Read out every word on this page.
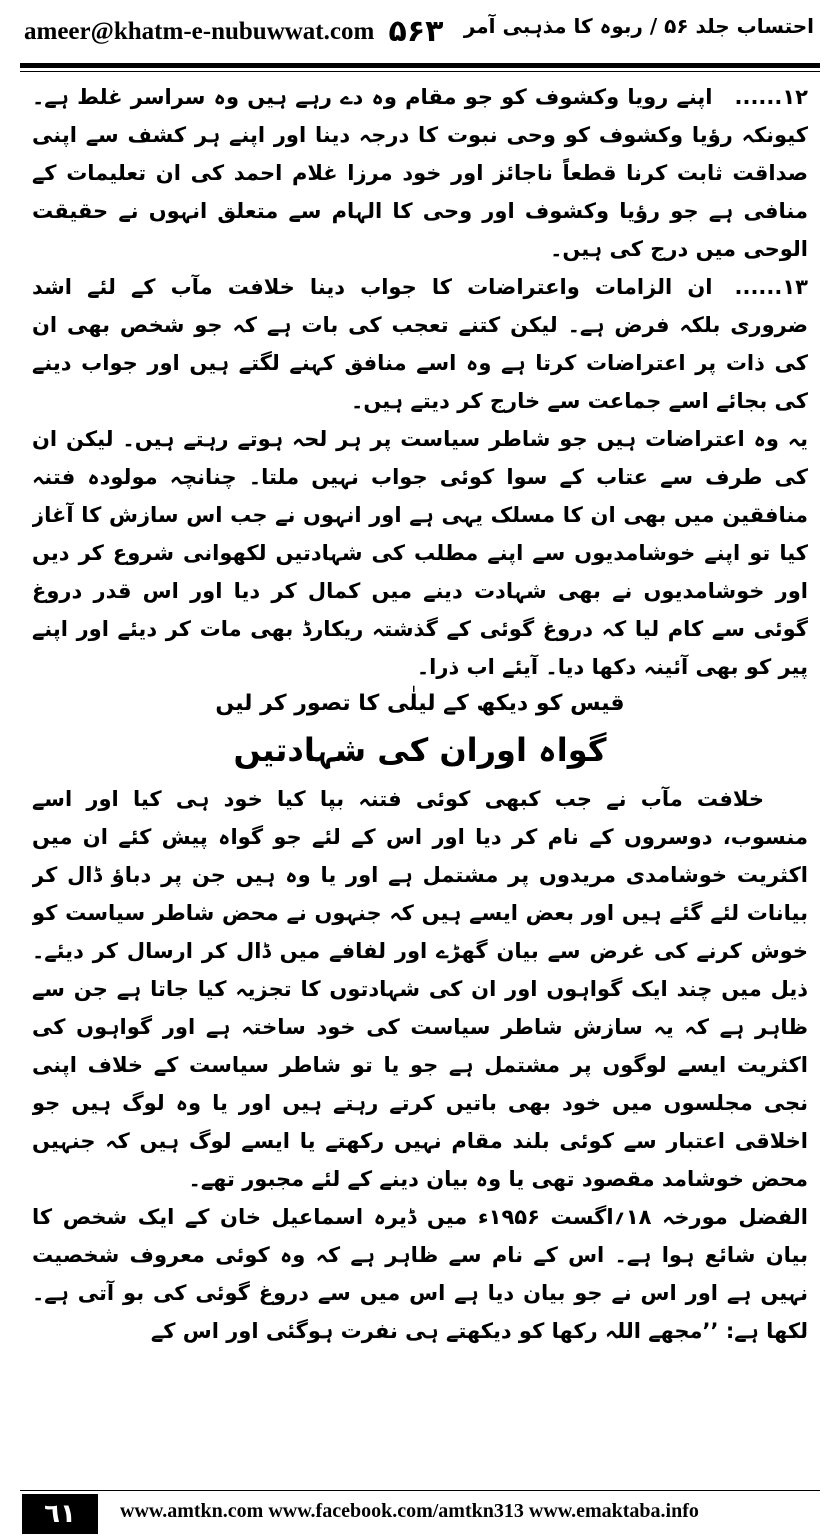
ameer@khatm-e-nubuwwat.com ۵۶۳ احتساب جلد ۵۶ / ربوہ کا مذہبی آمر

۱۲......اپنے رویا وکشوف کو جو مقام وہ دے رہے ہیں وہ سراسر غلط ہے۔ کیونکہ رؤیا وکشوف کو وحی نبوت کا درجہ دینا اور اپنے ہر کشف سے اپنی صداقت ثابت کرنا قطعاً ناجائز اور خود مرزا غلام احمد کی ان تعلیمات کے منافی ہے جو رؤیا وکشوف اور وحی کا الہام سے متعلق انہوں نے حقیقت الوحی میں درج کی ہیں۔

۱۳......ان الزامات واعتراضات کا جواب دینا خلافت مآب کے لئے اشد ضروری بلکہ فرض ہے۔ لیکن کتنے تعجب کی بات ہے کہ جو شخص بھی ان کی ذات پر اعتراضات کرتا ہے وہ اسے منافق کہنے لگتے ہیں اور جواب دینے کی بجائے اسے جماعت سے خارج کر دیتے ہیں۔

یہ وہ اعتراضات ہیں جو شاطر سیاست پر ہر لحہ ہوتے رہتے ہیں۔ لیکن ان کی طرف سے عتاب کے سوا کوئی جواب نہیں ملتا۔ چنانچہ مولودہ فتنہ منافقین میں بھی ان کا مسلک یہی ہے اور انہوں نے جب اس سازش کا آغاز کیا تو اپنے خوشامدیوں سے اپنے مطلب کی شہادتیں لکھوانی شروع کر دیں اور خوشامدیوں نے بھی شہادت دینے میں کمال کر دیا اور اس قدر دروغ گوئی سے کام لیا کہ دروغ گوئی کے گذشتہ ریکارڈ بھی مات کر دیئے اور اپنے پیر کو بھی آئینہ دکھا دیا۔ آیئے اب ذرا۔

قیس کو دیکھ کے لیلٰی کا تصور کر لیں

گواہ اوران کی شہادتیں

خلافت مآب نے جب کبھی کوئی فتنہ بپا کیا خود ہی کیا اور اسے منسوب، دوسروں کے نام کر دیا اور اس کے لئے جو گواہ پیش کئے ان میں اکثریت خوشامدی مریدوں پر مشتمل ہے اور یا وہ ہیں جن پر دباؤ ڈال کر بیانات لئے گئے ہیں اور بعض ایسے ہیں کہ جنہوں نے محض شاطر سیاست کو خوش کرنے کی غرض سے بیان گھڑے اور لفافے میں ڈال کر ارسال کر دیئے۔ ذیل میں چند ایک گواہوں اور ان کی شہادتوں کا تجزیہ کیا جاتا ہے جن سے ظاہر ہے کہ یہ سازش شاطر سیاست کی خود ساختہ ہے اور گواہوں کی اکثریت ایسے لوگوں پر مشتمل ہے جو یا تو شاطر سیاست کے خلاف اپنی نجی مجلسوں میں خود بھی باتیں کرتے رہتے ہیں اور یا وہ لوگ ہیں جو اخلاقی اعتبار سے کوئی بلند مقام نہیں رکھتے یا ایسے لوگ ہیں کہ جنہیں محض خوشامد مقصود تھی یا وہ بیان دینے کے لئے مجبور تھے۔

الفضل مورخہ ۱۸؍اگست ۱۹۵۶ء میں ڈیرہ اسماعیل خان کے ایک شخص کا بیان شائع ہوا ہے۔ اس کے نام سے ظاہر ہے کہ وہ کوئی معروف شخصیت نہیں ہے اور اس نے جو بیان دیا ہے اس میں سے دروغ گوئی کی بو آتی ہے۔ لکھا ہے: ’’مجھے اللہ رکھا کو دیکھتے ہی نفرت ہوگئی اور اس کے

٦١	www.amtkn.com www.facebook.com/amtkn313 www.emaktaba.info
